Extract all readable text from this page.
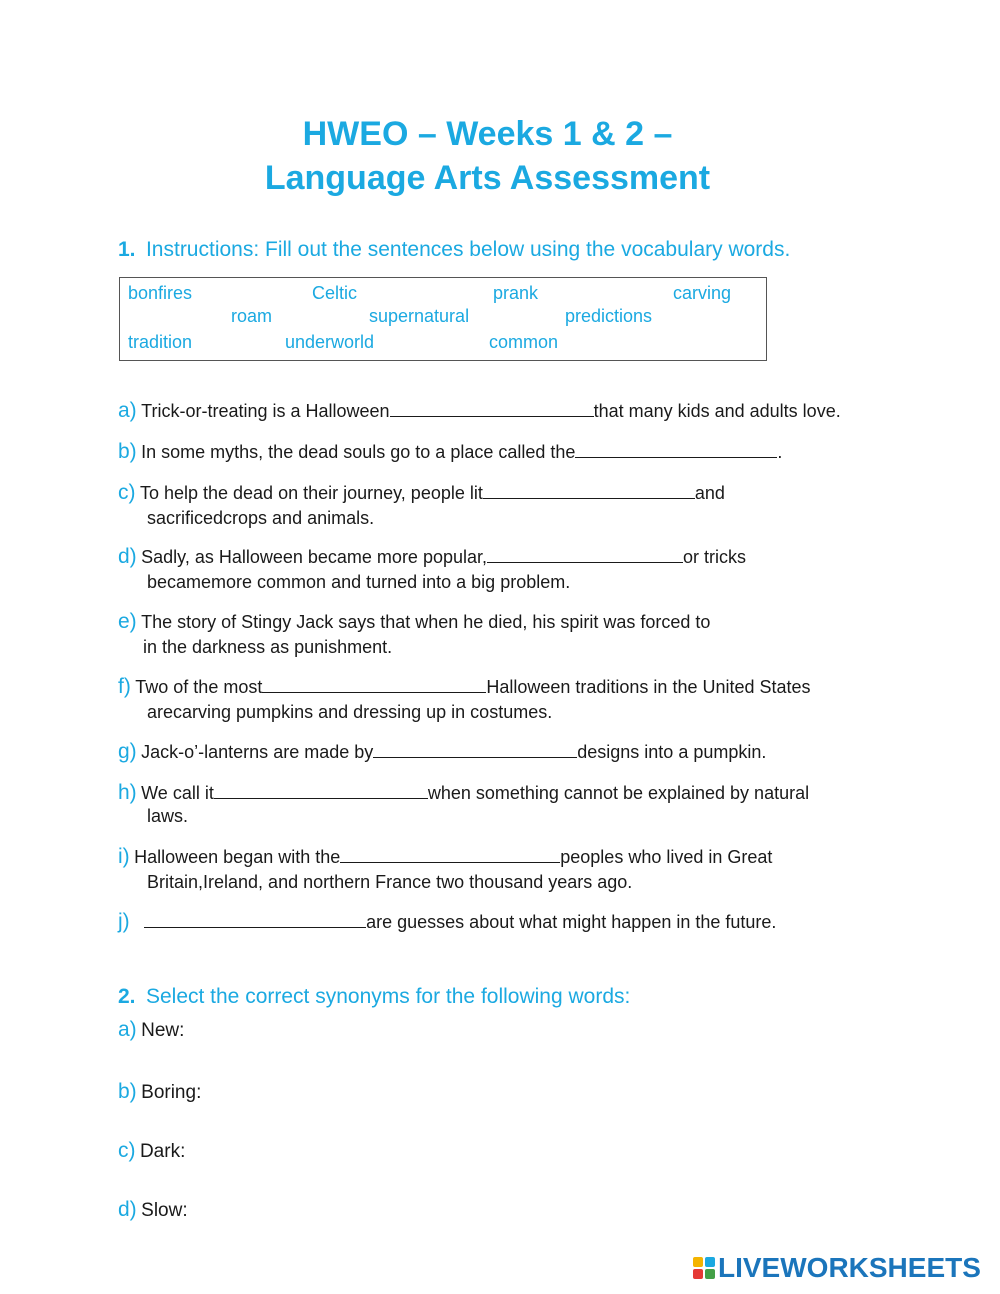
HWEO – Weeks 1 & 2 –
Language Arts Assessment
1. Instructions: Fill out the sentences below using the vocabulary words.
bonfires	Celtic	prank	carving
roam	supernatural	predictions
tradition	underworld	common
a) Trick-or-treating is a Halloween	that many kids and adults love.
b) In some myths, the dead souls go to a place called the	.
c) To help the dead on their journey, people lit	and
sacrificedcrops and animals.
d) Sadly, as Halloween became more popular,	or tricks
becamemore common and turned into a big problem.
e) The story of Stingy Jack says that when he died, his spirit was forced to
in the darkness as punishment.
f) Two of the most	Halloween traditions in the United States
arecarving pumpkins and dressing up in costumes.
g) Jack-o’-lanterns are made by	designs into a pumpkin.
h) We call it	when something cannot be explained by natural
laws.
i) Halloween began with the	peoples who lived in Great
Britain,Ireland, and northern France two thousand years ago.
j)	are guesses about what might happen in the future.
2. Select the correct synonyms for the following words:
a) New:
b) Boring:
c) Dark:
d) Slow:
LIVEWORKSHEETS
